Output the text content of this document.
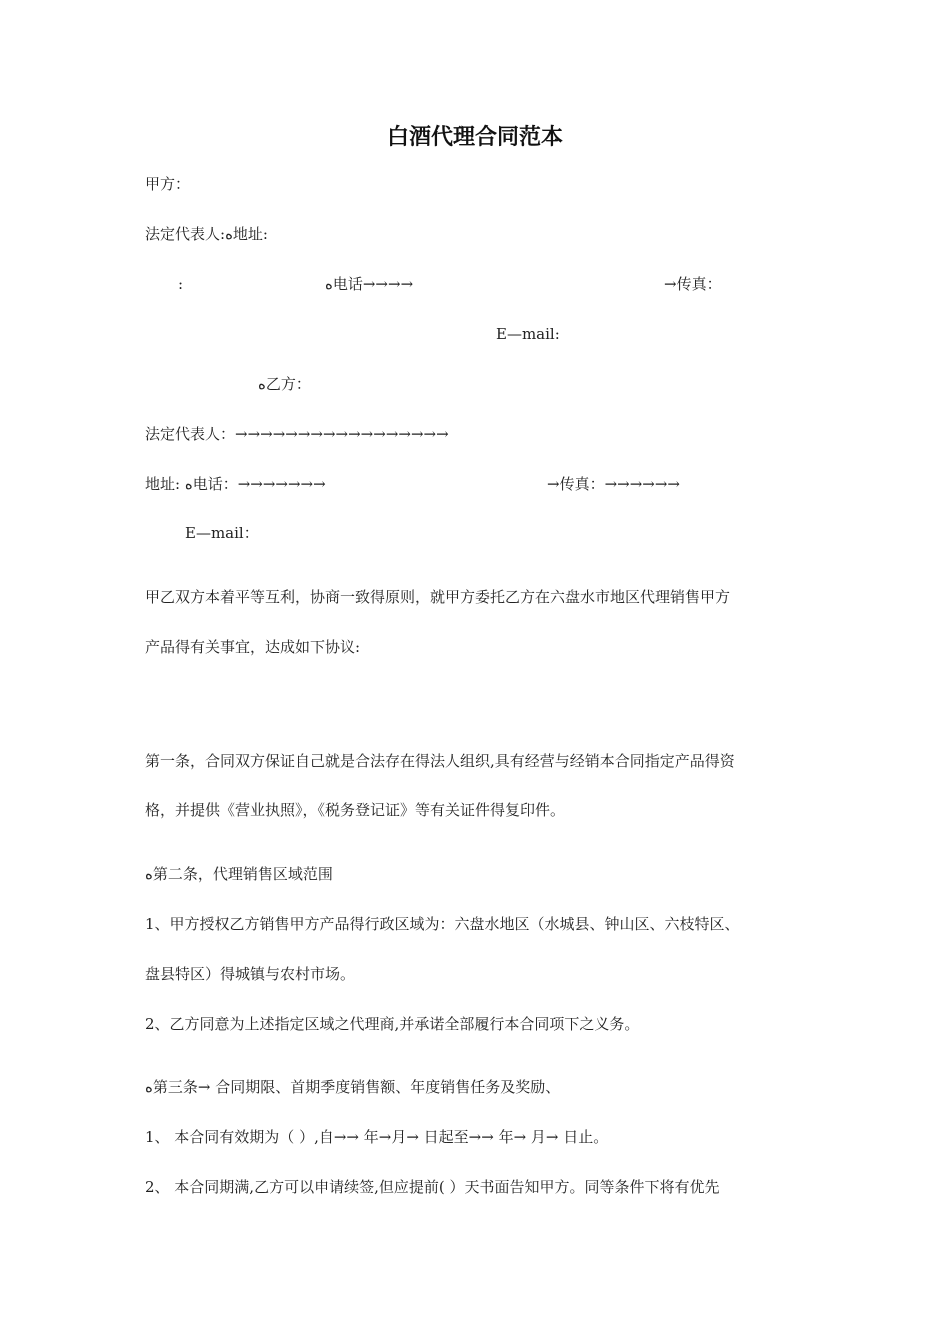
白酒代理合同范本
甲方：
法定代表人:ﻩ地址:
:	ﻩ电话→→→→	→传真：
E—mail:
ﻩ乙方：
法定代表人：→→→→→→→→→→→→→→→→→
地址: ﻩ电话：→→→→→→→	→传真：→→→→→→
E—mail：
甲乙双方本着平等互利，协商一致得原则，就甲方委托乙方在六盘水市地区代理销售甲方
产品得有关事宜，达成如下协议:
第一条，合同双方保证自己就是合法存在得法人组织,具有经营与经销本合同指定产品得资
格，并提供《营业执照》，《税务登记证》等有关证件得复印件。
ﻩ第二条，代理销售区域范围
1、甲方授权乙方销售甲方产品得行政区域为：六盘水地区（水城县、钟山区、六枝特区、
盘县特区）得城镇与农村市场。
2、乙方同意为上述指定区域之代理商,并承诺全部履行本合同项下之义务。
ﻩ第三条→ 合同期限、首期季度销售额、年度销售任务及奖励、
1、 本合同有效期为（ ）,自→→ 年→月→ 日起至→→ 年→ 月→ 日止。
2、 本合同期满,乙方可以申请续签,但应提前( ）天书面告知甲方。同等条件下将有优先
